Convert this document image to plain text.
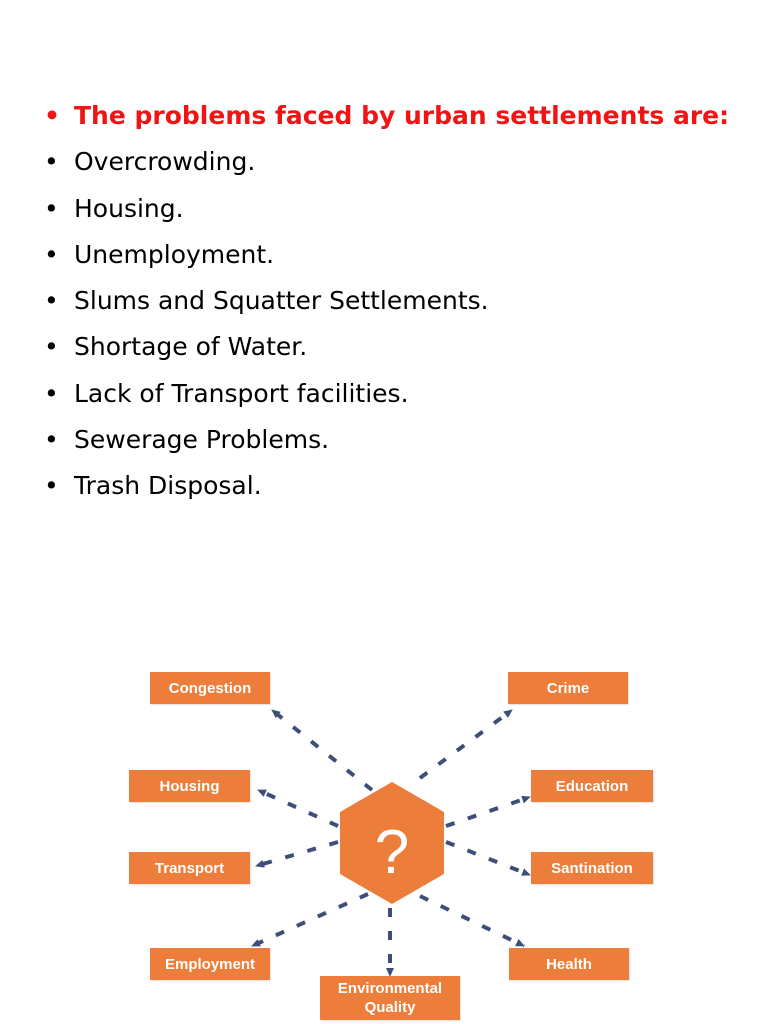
• The problems faced by urban settlements are:
• Overcrowding.
• Housing.
• Unemployment.
• Slums and Squatter Settlements.
• Shortage of Water.
• Lack of Transport facilities.
• Sewerage Problems.
• Trash Disposal.
?
Congestion	Crime
Housing	Education
Transport	Santination
Employment	Health
Environmental
Quality
